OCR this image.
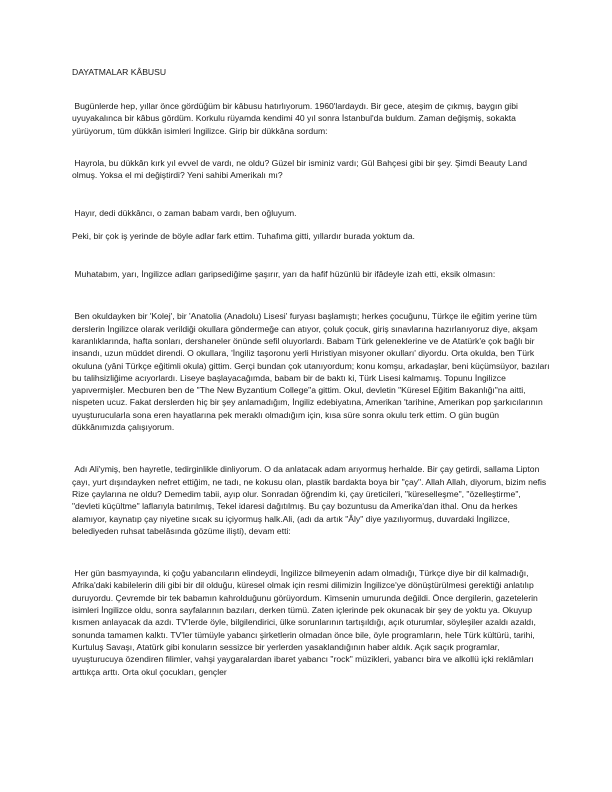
DAYATMALAR KÂBUSU

Bugünlerde hep, yıllar önce gördüğüm bir kâbusu hatırlıyorum. 1960'lardaydı. Bir gece, ateşim de çıkmış, baygın gibi uyuyakalınca bir kâbus gördüm. Korkulu rüyamda kendimi 40 yıl sonra İstanbul'da buldum. Zaman değişmiş, sokakta yürüyorum, tüm dükkân isimleri İngilizce. Girip bir dükkâna sordum:

Hayrola, bu dükkân kırk yıl evvel de vardı, ne oldu? Güzel bir isminiz vardı; Gül Bahçesi gibi bir şey. Şimdi Beauty Land olmuş. Yoksa el mi değiştirdi? Yeni sahibi Amerikalı mı?

Hayır, dedi dükkâncı, o zaman babam vardı, ben oğluyum.

Peki, bir çok iş yerinde de böyle adlar fark ettim. Tuhafıma gitti, yıllardır burada yoktum da.

Muhatabım, yarı, İngilizce adları garipsediğime şaşırır, yarı da hafif hüzünlü bir ifâdeyle izah etti, eksik olmasın:

Ben okuldayken bir 'Kolej', bir 'Anatolia (Anadolu) Lisesi' furyası başlamıştı; herkes çocuğunu, Türkçe ile eğitim yerine tüm derslerin İngilizce olarak verildiği okullara göndermeğe can atıyor, çoluk çocuk, giriş sınavlarına hazırlanıyoruz diye, akşam karanlıklarında, hafta sonları, dershaneler önünde sefil oluyorlardı. Babam Türk geleneklerine ve de Atatürk'e çok bağlı bir insandı, uzun müddet direndi. O okullara, 'İngiliz taşoronu yerli Hıristiyan misyoner okulları' diyordu. Orta okulda, ben Türk okuluna (yâni Türkçe eğitimli okula) gittim. Gerçi bundan çok utanıyordum; konu komşu, arkadaşlar, beni küçümsüyor, bazıları bu talihsizliğime acıyorlardı. Liseye başlayacağımda, babam bir de baktı ki, Türk Lisesi kalmamış. Topunu İngilizce yapıvermişler. Mecburen ben de "The New Byzantium College"a gittim. Okul, devletin "Küresel Eğitim Bakanlığı"na aitti, nispeten ucuz. Fakat derslerden hiç bir şey anlamadığım, İngiliz edebiyatına, Amerikan 'tarihine, Amerikan pop şarkıcılarının uyuşturucularla sona eren hayatlarına pek meraklı olmadığım için, kısa süre sonra okulu terk ettim. O gün bugün dükkânımızda çalışıyorum.

Adı Ali'ymiş, ben hayretle, tedirginlikle dinliyorum. O da anlatacak adam arıyormuş herhalde. Bir çay getirdi, sallama Lipton çayı, yurt dışındayken nefret ettiğim, ne tadı, ne kokusu olan, plastik bardakta boya bir "çay". Allah Allah, diyorum, bizim nefis Rize çaylarına ne oldu? Demedim tabii, ayıp olur. Sonradan öğrendim ki, çay üreticileri, "küreselleşme", "özelleştirme", "devleti küçültme" laflarıyla batırılmış, Tekel idaresi dağıtılmış. Bu çay bozuntusu da Amerika'dan ithal. Onu da herkes alamıyor, kaynatıp çay niyetine sıcak su içiyormuş halk.Ali, (adı da artık "Âly" diye yazılıyormuş, duvardaki İngilizce, belediyeden ruhsat tabelâsında gözüme ilişti), devam etti:

Her gün basmyayında, ki çoğu yabancıların elindeydi, İngilizce bilmeyenin adam olmadığı, Türkçe diye bir dil kalmadığı, Afrika'daki kabilelerin dili gibi bir dil olduğu, küresel olmak için resmi dilimizin İngilizce'ye dönüştürülmesi gerektiği anlatılıp duruyordu. Çevremde bir tek babamın kahrolduğunu görüyordum. Kimsenin umurunda değildi. Önce dergilerin, gazetelerin isimleri İngilizce oldu, sonra sayfalarının bazıları, derken tümü. Zaten içlerinde pek okunacak bir şey de yoktu ya. Okuyup kısmen anlayacak da azdı. TV'lerde öyle, bilgilendirici, ülke sorunlarının tartışıldığı, açık oturumlar, söyleşiler azaldı azaldı, sonunda tamamen kalktı. TV'ler tümüyle yabancı şirketlerin olmadan önce bile, öyle programların, hele Türk kültürü, tarihi, Kurtuluş Savaşı, Atatürk gibi konuların sessizce bir yerlerden yasaklandığının haber aldık. Açık saçık programlar, uyuşturucuya özendiren filimler, vahşi yaygaralardan ibaret yabancı "rock" müzikleri, yabancı bira ve alkollü içki reklâmları arttıkça arttı. Orta okul çocukları, gençler
